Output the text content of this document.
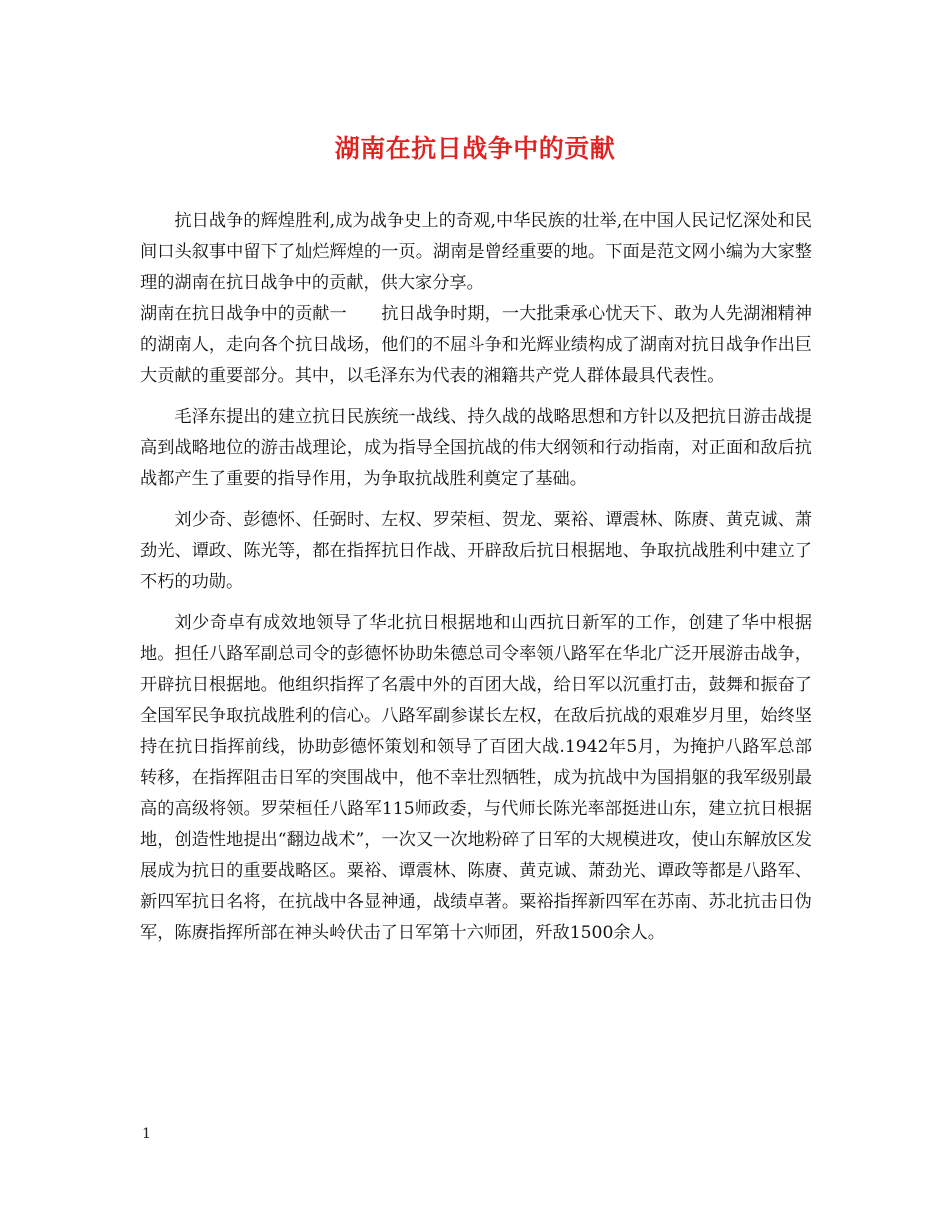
湖南在抗日战争中的贡献

抗日战争的辉煌胜利,成为战争史上的奇观,中华民族的壮举,在中国人民记忆深处和民间口头叙事中留下了灿烂辉煌的一页。湖南是曾经重要的地。下面是范文网小编为大家整理的湖南在抗日战争中的贡献，供大家分享。

湖南在抗日战争中的贡献一　　 抗日战争时期，一大批秉承心忧天下、敢为人先湖湘精神的湖南人，走向各个抗日战场，他们的不屈斗争和光辉业绩构成了湖南对抗日战争作出巨大贡献的重要部分。其中，以毛泽东为代表的湘籍共产党人群体最具代表性。

毛泽东提出的建立抗日民族统一战线、持久战的战略思想和方针以及把抗日游击战提高到战略地位的游击战理论，成为指导全国抗战的伟大纲领和行动指南，对正面和敌后抗战都产生了重要的指导作用，为争取抗战胜利奠定了基础。

刘少奇、彭德怀、任弼时、左权、罗荣桓、贺龙、粟裕、谭震林、陈赓、黄克诚、萧劲光、谭政、陈光等，都在指挥抗日作战、开辟敌后抗日根据地、争取抗战胜利中建立了不朽的功勋。

刘少奇卓有成效地领导了华北抗日根据地和山西抗日新军的工作，创建了华中根据地。担任八路军副总司令的彭德怀协助朱德总司令率领八路军在华北广泛开展游击战争，开辟抗日根据地。他组织指挥了名震中外的百团大战，给日军以沉重打击，鼓舞和振奋了全国军民争取抗战胜利的信心。八路军副参谋长左权，在敌后抗战的艰难岁月里，始终坚持在抗日指挥前线，协助彭德怀策划和领导了百团大战.1942年5月，为掩护八路军总部转移，在指挥阻击日军的突围战中，他不幸壮烈牺牲，成为抗战中为国捐躯的我军级别最高的高级将领。罗荣桓任八路军115师政委，与代师长陈光率部挺进山东，建立抗日根据地，创造性地提出“翻边战术”，一次又一次地粉碎了日军的大规模进攻，使山东解放区发展成为抗日的重要战略区。粟裕、谭震林、陈赓、黄克诚、萧劲光、谭政等都是八路军、新四军抗日名将，在抗战中各显神通，战绩卓著。粟裕指挥新四军在苏南、苏北抗击日伪军，陈赓指挥所部在神头岭伏击了日军第十六师团，歼敌1500余人。

1
